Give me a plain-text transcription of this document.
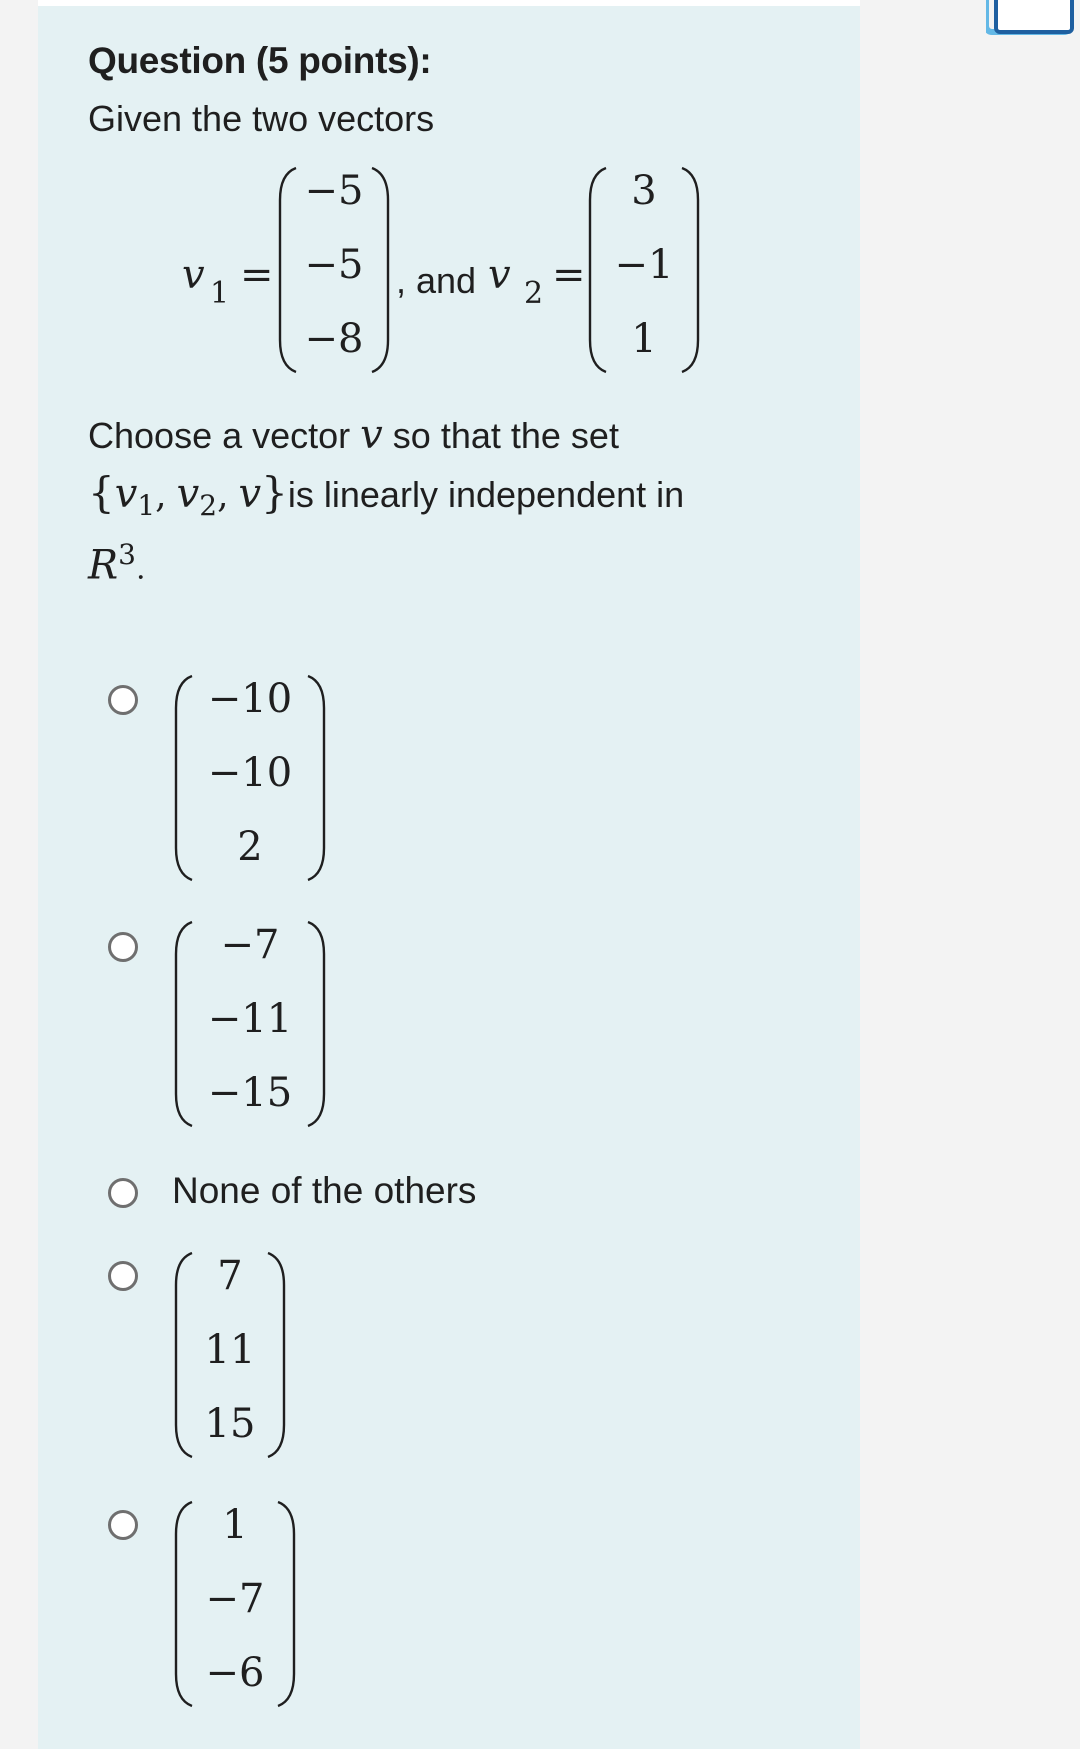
Question (5 points):
Given the two vectors
v 1 =
−5
−5
−8
, and v 2 =
3
−1
1
Choose a vector v so that the set
{$v_1$, $v_2$, v}is linearly independent in
$R^3$.
−10
−10
2
−7
−11
−15
None of the others
7
11
15
1
−7
−6
